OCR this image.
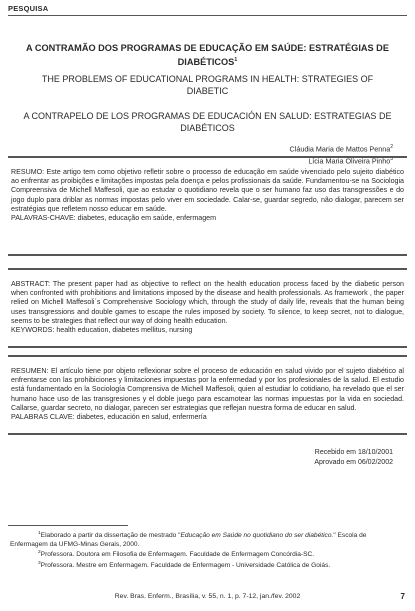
PESQUISA
A CONTRAMÃO DOS PROGRAMAS DE EDUCAÇÃO EM SAÚDE: ESTRATÉGIAS DE DIABÉTICOS$^1$
THE PROBLEMS OF EDUCATIONAL PROGRAMS IN HEALTH: STRATEGIES OF DIABETIC
A CONTRAPELO DE LOS PROGRAMAS DE EDUCACIÓN EN SALUD: ESTRATEGIAS DE DIABÉTICOS
Cláudia Maria de Mattos Penna$^2$
Lícia Maria Oliveira Pinho$^3$

RESUMO: Este artigo tem como objetivo refletir sobre o processo de educação em saúde vivenciado pelo sujeito diabético ao enfrentar as proibições e limitações impostas pela doença e pelos profissionais da saúde. Fundamentou-se na Sociologia Compreensiva de Michell Maffesoli, que ao estudar o quotidiano revela que o ser humano faz uso das transgressões e do jogo duplo para driblar as normas impostas pelo viver em sociedade. Calar-se, guardar segredo, não dialogar, parecem ser estratégias que refletem nosso educar em saúde.

PALAVRAS-CHAVE: diabetes, educação em saúde, enfermagem

ABSTRACT: The present paper had as objective to reflect on the health education process faced by the diabetic person when confronted with prohibitions and limitations imposed by the disease and health professionals. As framework , the paper relied on Michell Maffesoli´s Comprehensive Sociology which, through the study of daily life, reveals that the human being uses transgressions and double games to escape the rules imposed by society. To silence, to keep secret, not to dialogue, seems to be strategies that reflect our way of doing health education.

KEYWORDS: health education, diabetes mellitus, nursing

RESUMEN: El artículo tiene por objeto reflexionar sobre el proceso de educación en salud vivido por el sujeto diabético al enfrentarse con las prohibiciones y limitaciones impuestas por la enfermedad y por los profesionales de la salud. El estudio está fundamentado en la Sociología Comprensiva de Michell Maffesoli, quien al estudiar lo cotidiano, ha revelado que el ser humano hace uso de las transgresiones y el doble juego para escamotear las normas impuestas por la vida en sociedad. Callarse, guardar secreto, no dialogar, parecen ser estrategias que reflejan nuestra forma de educar en salud.

PALABRAS CLAVE: diabetes, educación en salud, enfermería

Recebido em 18/10/2001
Aprovado em 06/02/2002

$^1$Elaborado a partir da dissertação de mestrado "Educação em Saúde no quotidiano do ser diabético." Escola de Enfermagem da UFMG-Minas Gerais, 2000.

$^2$Professora. Doutora em Filosofia de Enfermagem. Faculdade de Enfermagem Concórdia-SC.

$^3$Professora. Mestre em Enfermagem. Faculdade de Enfermagem - Universidade Católica de Goiás.

Rev. Bras. Enferm., Brasília, v. 55, n. 1, p. 7-12, jan./fev. 2002	7
